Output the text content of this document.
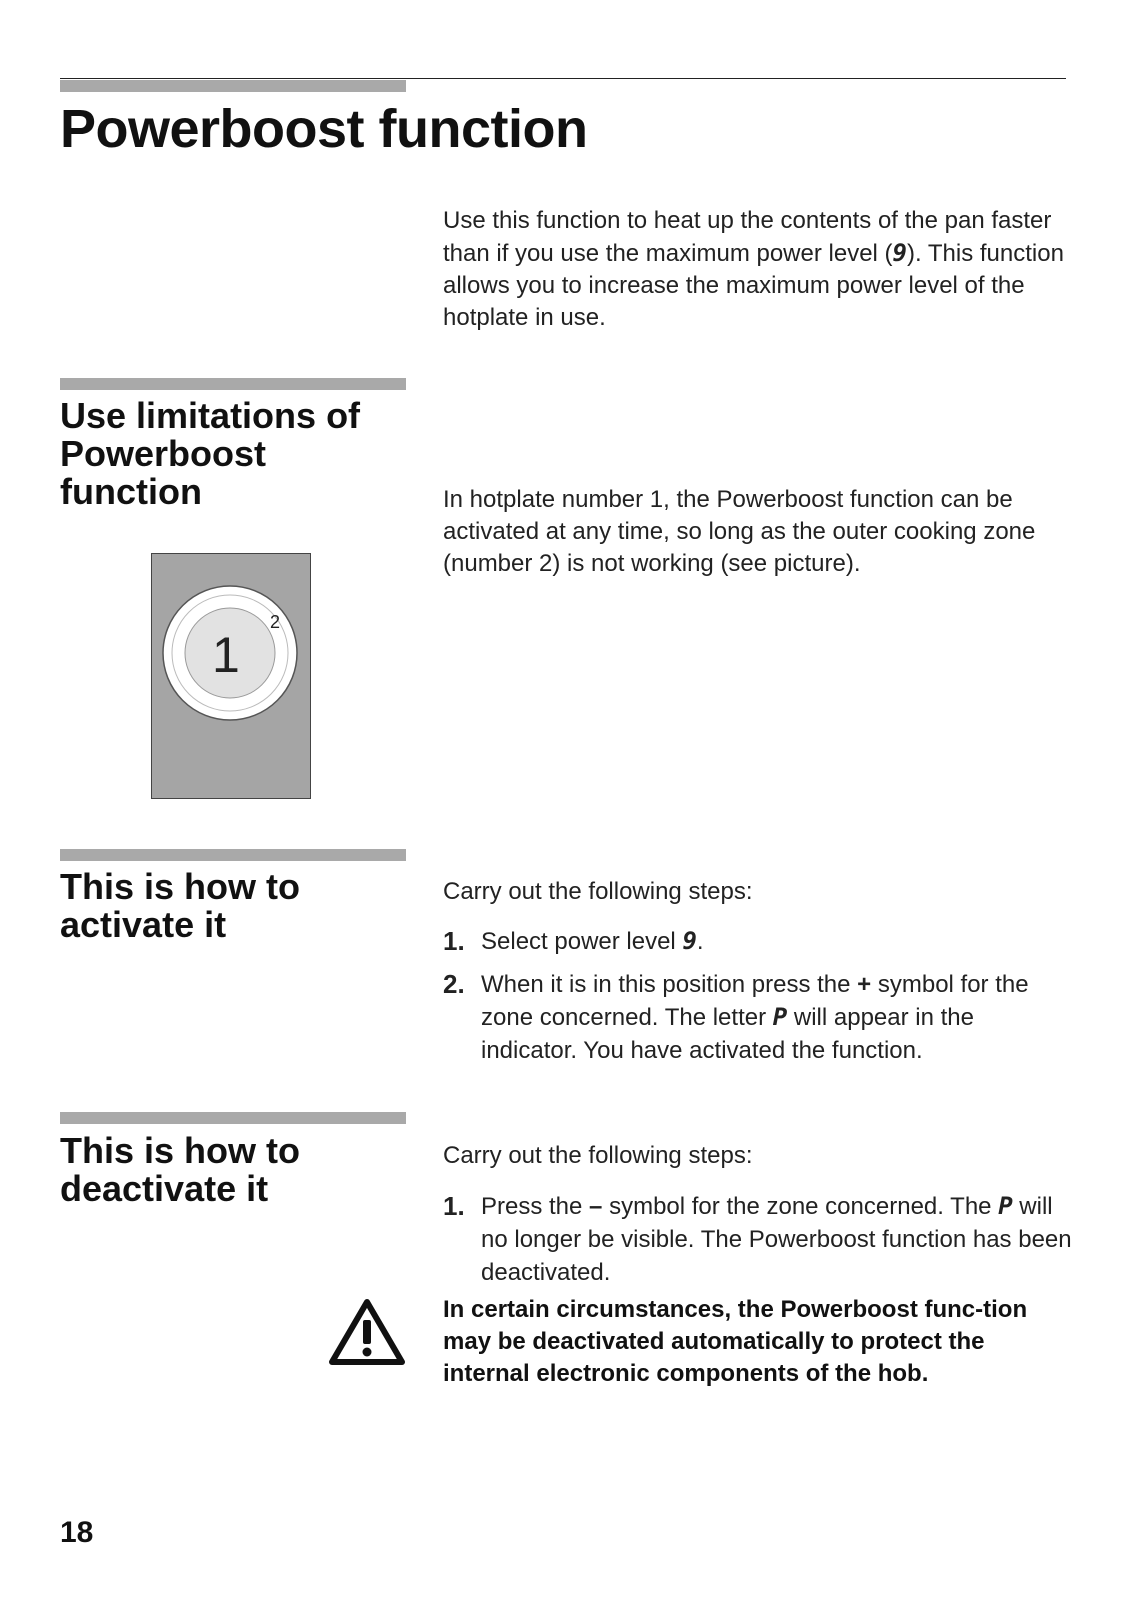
Powerboost function

Use this function to heat up the contents of the pan faster than if you use the maximum power level (9). This function allows you to increase the maximum power level of the hotplate in use.

Use limitations of Powerboost function	In hotplate number 1, the Powerboost function can be activated at any time, so long as the outer cooking zone (number 2) is not working (see picture).

1
2
This is how to activate it

Carry out the following steps:

1. Select power level 9.
2. When it is in this position press the + symbol for the zone concerned. The letter P will appear in the indicator. You have activated the function.
This is how to deactivate it

Carry out the following steps:

1. Press the – symbol for the zone concerned. The P will no longer be visible. The Powerboost function has been deactivated.

In certain circumstances, the Powerboost func-tion may be deactivated automatically to protect the internal electronic components of the hob.

18
